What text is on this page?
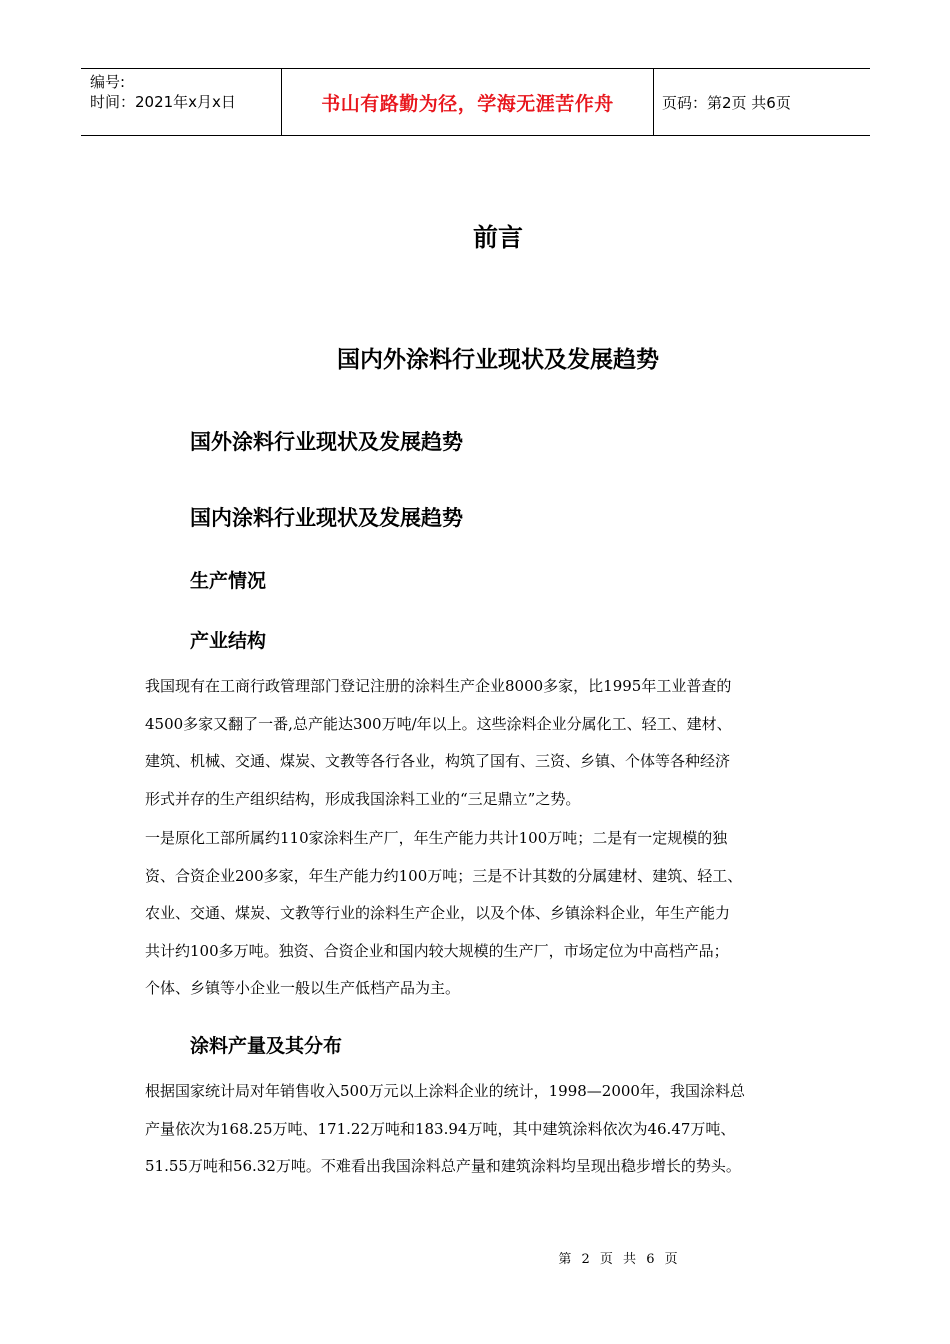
编号:
时间：2021年x月x日	书山有路勤为径，学海无涯苦作舟	页码：第2页 共6页
前言
国内外涂料行业现状及发展趋势
国外涂料行业现状及发展趋势
国内涂料行业现状及发展趋势
生产情况
产业结构
我国现有在工商行政管理部门登记注册的涂料生产企业8000多家，比1995年工业普查的
4500多家又翻了一番,总产能达300万吨/年以上。这些涂料企业分属化工、轻工、建材、
建筑、机械、交通、煤炭、文教等各行各业，构筑了国有、三资、乡镇、个体等各种经济
形式并存的生产组织结构，形成我国涂料工业的“三足鼎立”之势。
一是原化工部所属约110家涂料生产厂，年生产能力共计100万吨；二是有一定规模的独
资、合资企业200多家，年生产能力约100万吨；三是不计其数的分属建材、建筑、轻工、
农业、交通、煤炭、文教等行业的涂料生产企业，以及个体、乡镇涂料企业，年生产能力
共计约100多万吨。独资、合资企业和国内较大规模的生产厂，市场定位为中高档产品；
个体、乡镇等小企业一般以生产低档产品为主。
涂料产量及其分布
根据国家统计局对年销售收入500万元以上涂料企业的统计，1998—2000年，我国涂料总
产量依次为168.25万吨、171.22万吨和183.94万吨，其中建筑涂料依次为46.47万吨、
51.55万吨和56.32万吨。不难看出我国涂料总产量和建筑涂料均呈现出稳步增长的势头。
第 2 页 共 6 页
